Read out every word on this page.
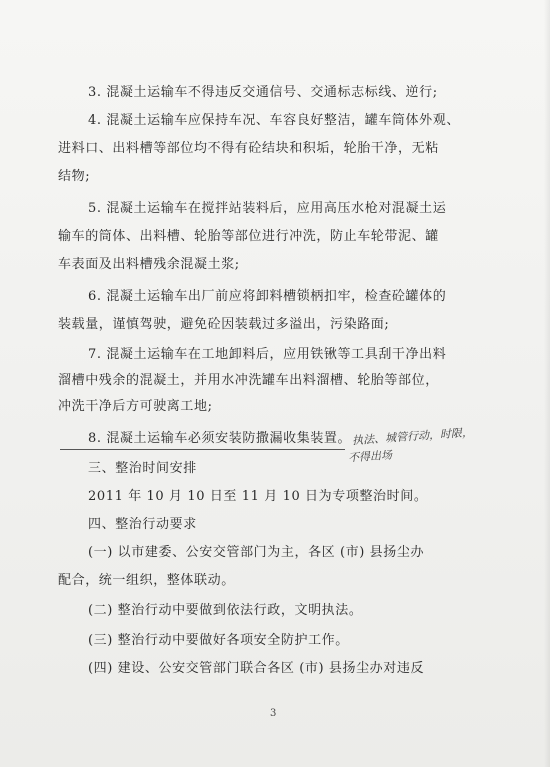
3. 混凝土运输车不得违反交通信号、交通标志标线、逆行;
4. 混凝土运输车应保持车况、车容良好整洁，罐车筒体外观、
进料口、出料槽等部位均不得有砼结块和积垢，轮胎干净，无粘
结物;
5. 混凝土运输车在搅拌站装料后，应用高压水枪对混凝土运
输车的筒体、出料槽、轮胎等部位进行冲洗，防止车轮带泥、罐
车表面及出料槽残余混凝土浆;
6. 混凝土运输车出厂前应将卸料槽锁柄扣牢，检查砼罐体的
装载量，谨慎驾驶，避免砼因装载过多溢出，污染路面;
7. 混凝土运输车在工地卸料后，应用铁锹等工具刮干净出料
溜槽中残余的混凝土，并用水冲洗罐车出料溜槽、轮胎等部位，
冲洗干净后方可驶离工地;
8. 混凝土运输车必须安装防撒漏收集装置。 执法、城管行动，时限，
不得出场
三、整治时间安排
2011 年 10 月 10 日至 11 月 10 日为专项整治时间。
四、整治行动要求
(一) 以市建委、公安交管部门为主，各区 (市) 县扬尘办
配合，统一组织，整体联动。
(二) 整治行动中要做到依法行政，文明执法。
(三) 整治行动中要做好各项安全防护工作。
(四) 建设、公安交管部门联合各区 (市) 县扬尘办对违反
3
